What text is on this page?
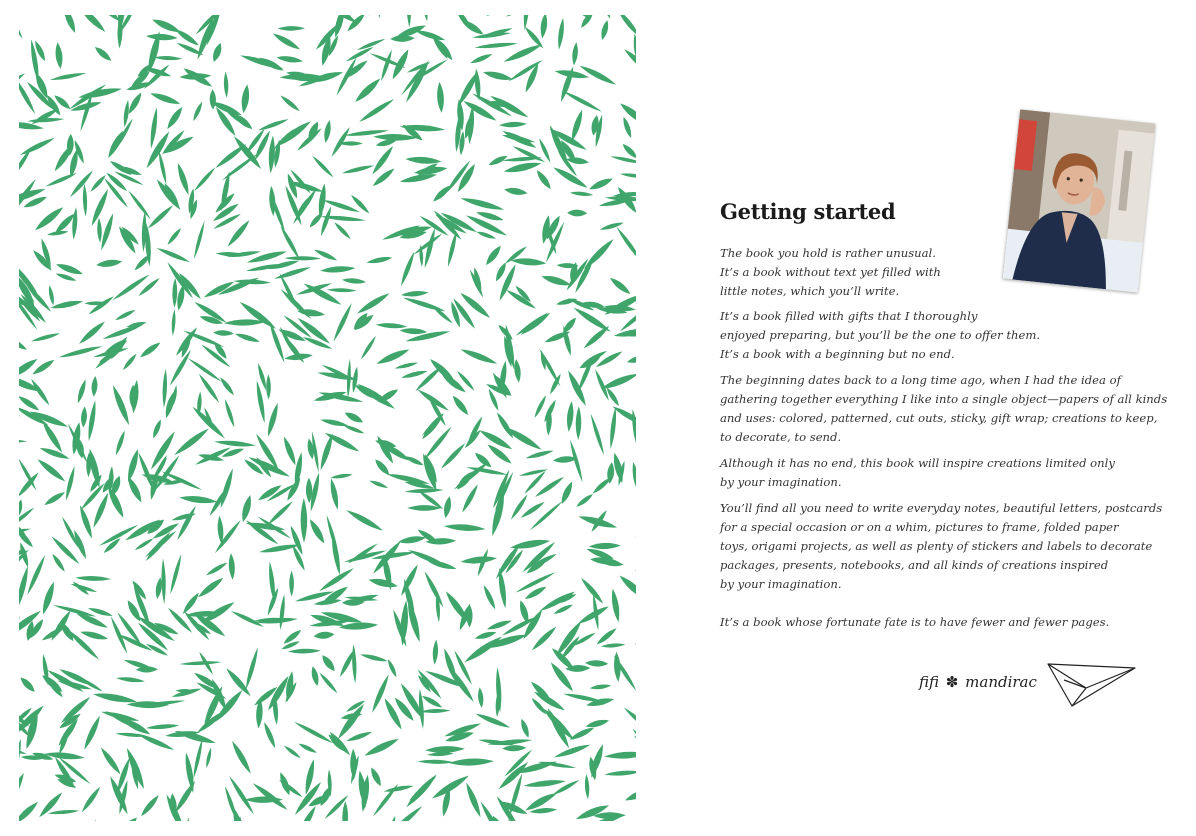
Getting started
The book you hold is rather unusual.
It’s a book without text yet filled with
little notes, which you’ll write.
It’s a book filled with gifts that I thoroughly
enjoyed preparing, but you’ll be the one to offer them.
It’s a book with a beginning but no end.
The beginning dates back to a long time ago, when I had the idea of
gathering together everything I like into a single object—papers of all kinds
and uses: colored, patterned, cut outs, sticky, gift wrap; creations to keep,
to decorate, to send.
Although it has no end, this book will inspire creations limited only
by your imagination.
You’ll find all you need to write everyday notes, beautiful letters, postcards
for a special occasion or on a whim, pictures to frame, folded paper
toys, origami projects, as well as plenty of stickers and labels to decorate
packages, presents, notebooks, and all kinds of creations inspired
by your imagination.
It’s a book whose fortunate fate is to have fewer and fewer pages.
fifi ✽ mandirac
